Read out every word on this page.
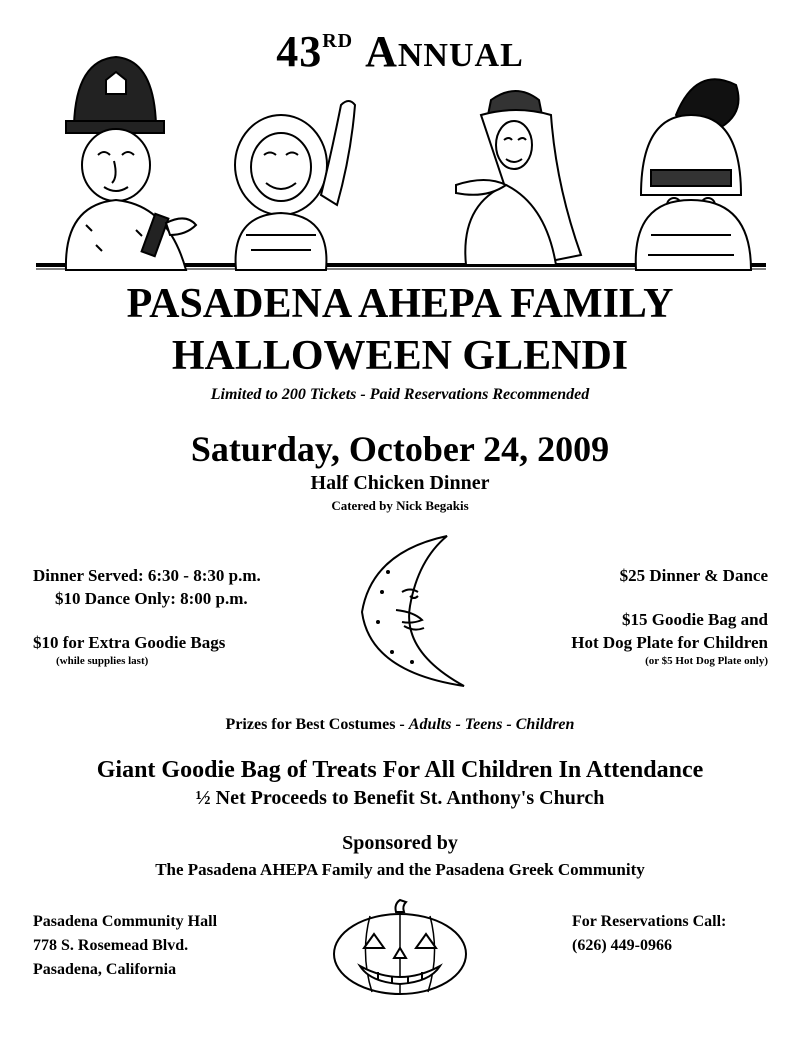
43RD ANNUAL
PASADENA AHEPA FAMILY
HALLOWEEN GLENDI
Limited to 200 Tickets - Paid Reservations Recommended
Saturday, October 24, 2009
Half Chicken Dinner
Catered by Nick Begakis
Dinner Served: 6:30 - 8:30 p.m.
$10 Dance Only: 8:00 p.m.
$10 for Extra Goodie Bags
(while supplies last)
$25 Dinner & Dance
$15 Goodie Bag and
Hot Dog Plate for Children
(or $5 Hot Dog Plate only)
Prizes for Best Costumes - Adults - Teens - Children
Giant Goodie Bag of Treats For All Children In Attendance
½ Net Proceeds to Benefit St. Anthony's Church
Sponsored by
The Pasadena AHEPA Family and the Pasadena Greek Community
Pasadena Community Hall
778 S. Rosemead Blvd.
Pasadena, California
For Reservations Call:
(626) 449-0966
